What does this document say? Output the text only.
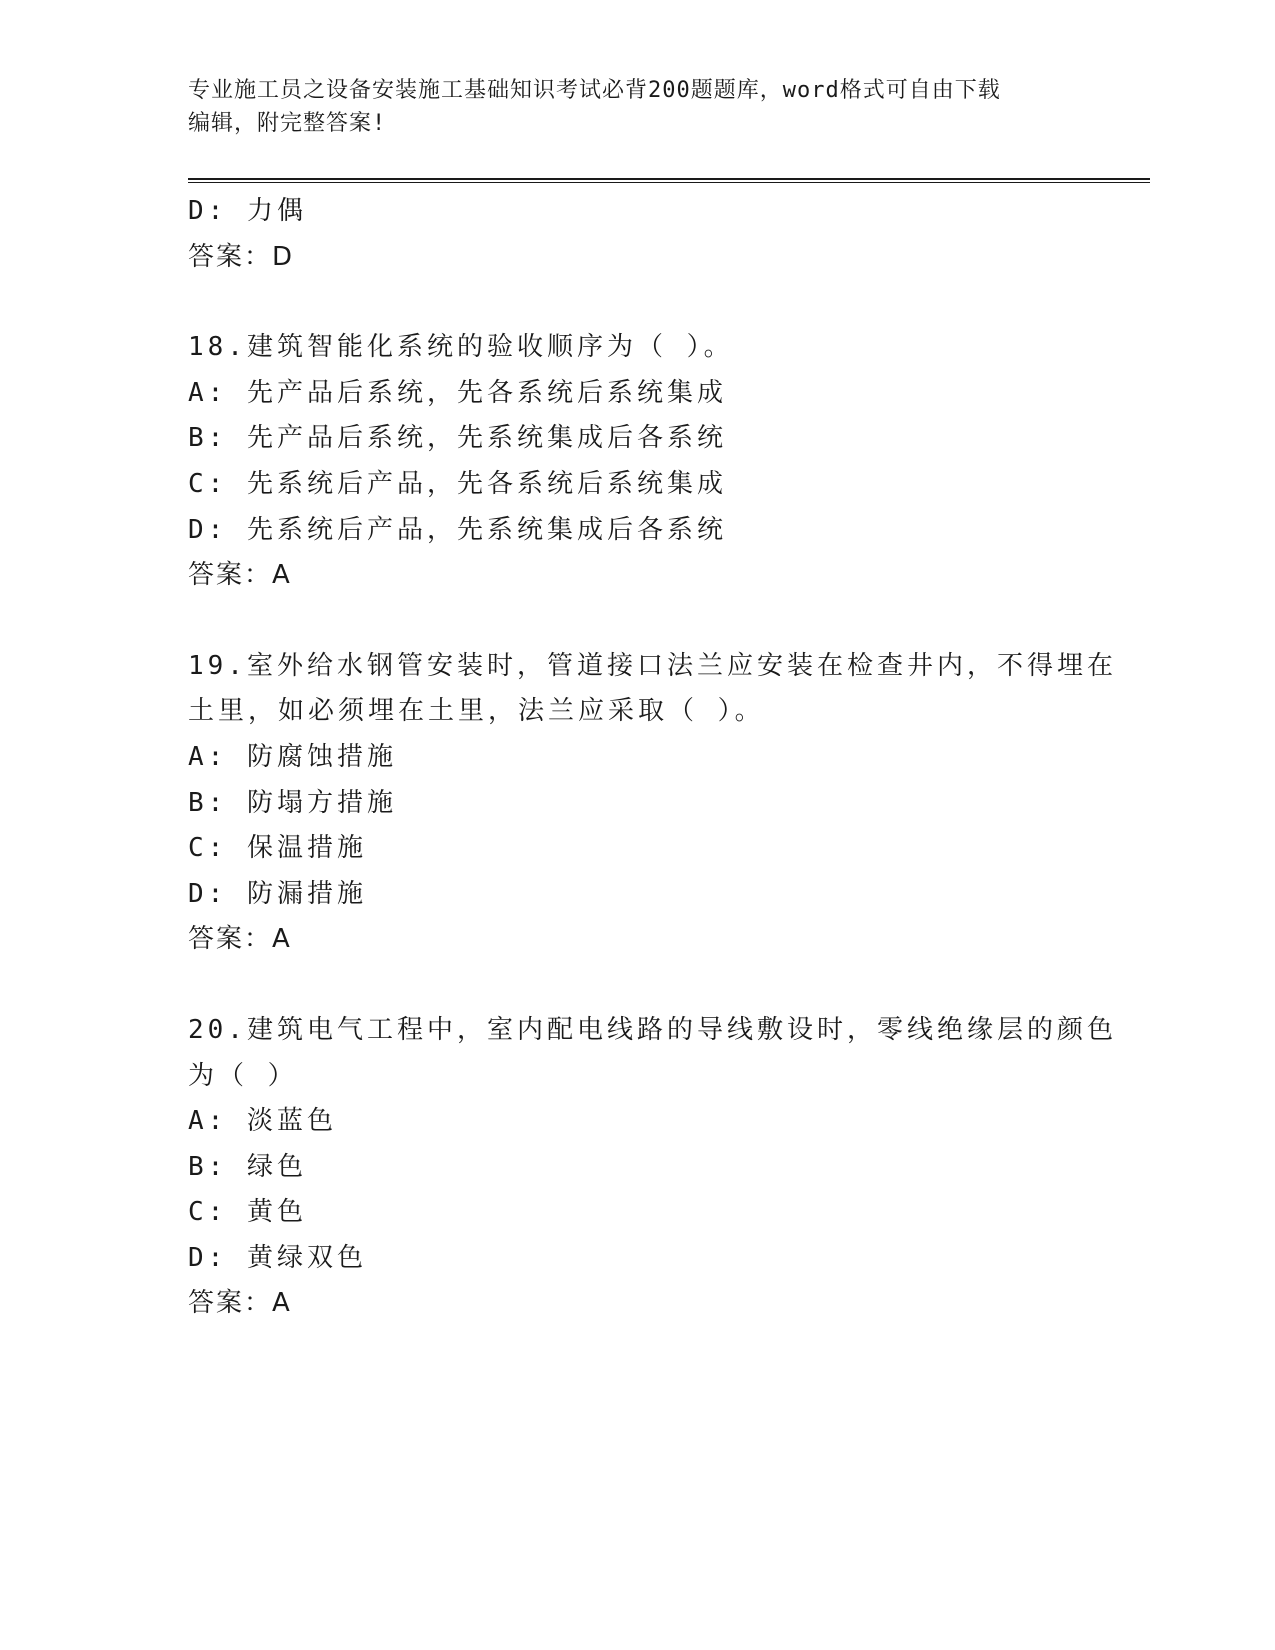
专业施工员之设备安装施工基础知识考试必背200题题库，word格式可自由下载
编辑，附完整答案!
D: 力偶
答案：D
18.建筑智能化系统的验收顺序为（ ）。
A: 先产品后系统，先各系统后系统集成
B: 先产品后系统，先系统集成后各系统
C: 先系统后产品，先各系统后系统集成
D: 先系统后产品，先系统集成后各系统
答案：A
19.室外给水钢管安装时，管道接口法兰应安装在检查井内，不得埋在
土里，如必须埋在土里，法兰应采取（ ）。
A: 防腐蚀措施
B: 防塌方措施
C: 保温措施
D: 防漏措施
答案：A
20.建筑电气工程中，室内配电线路的导线敷设时，零线绝缘层的颜色
为（ ）
A: 淡蓝色
B: 绿色
C: 黄色
D: 黄绿双色
答案：A
